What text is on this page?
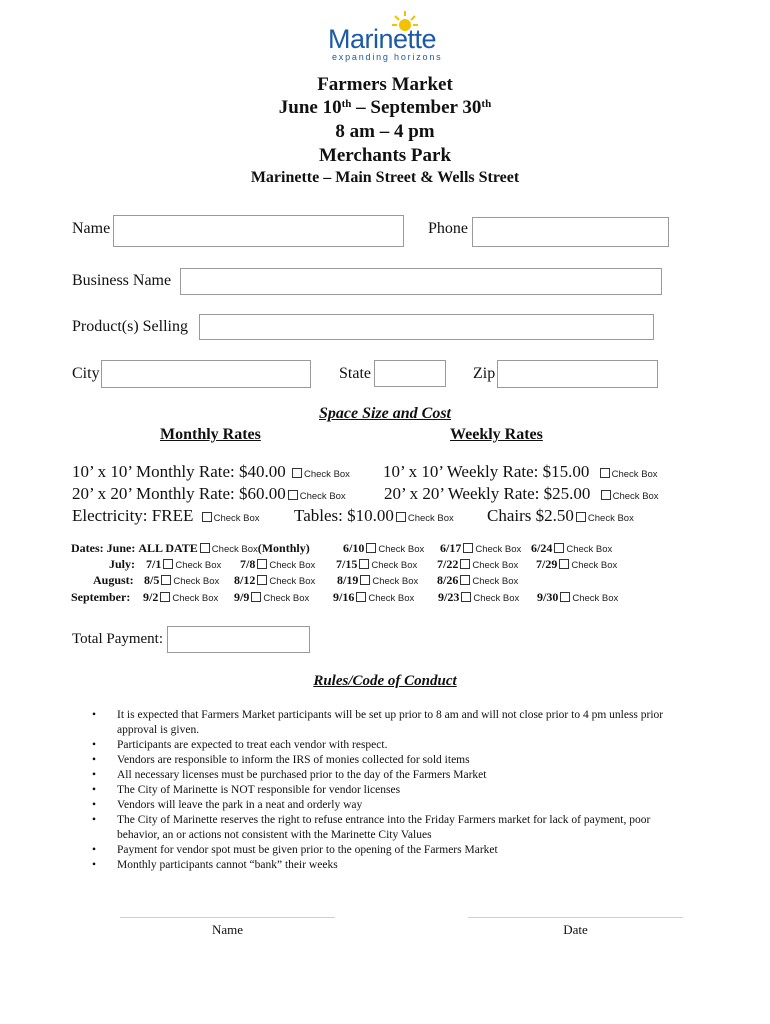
Marinette
expanding horizons
Farmers Market
June 10th – September 30th
8 am – 4 pm
Merchants Park
Marinette – Main Street & Wells Street
Name	Phone
Business Name
Product(s) Selling
City	State	Zip
Space Size and Cost
Monthly Rates	Weekly Rates
10’ x 10’ Monthly Rate: $40.00 Check Box 10’ x 10’ Weekly Rate: $15.00 Check Box
20’ x 20’ Monthly Rate: $60.00 Check Box 20’ x 20’ Weekly Rate: $25.00 Check Box
Electricity: FREE Check Box Tables: $10.00 Check Box Chairs $2.50 Check Box
Dates: June: ALL DATE Check Box(Monthly)	6/10 Check Box 6/17 Check Box 6/24 Check Box
July: 7/1 Check Box 7/8 Check Box 7/15 Check Box 7/22 Check Box 7/29 Check Box
August: 8/5 Check Box 8/12 Check Box 8/19 Check Box 8/26 Check Box
September: 9/2 Check Box 9/9 Check Box 9/16 Check Box 9/23 Check Box 9/30 Check Box
Total Payment:
Rules/Code of Conduct
• It is expected that Farmers Market participants will be set up prior to 8 am and will not close prior to 4 pm unless prior approval is given.
• Participants are expected to treat each vendor with respect.
• Vendors are responsible to inform the IRS of monies collected for sold items
• All necessary licenses must be purchased prior to the day of the Farmers Market
• The City of Marinette is NOT responsible for vendor licenses
• Vendors will leave the park in a neat and orderly way
• The City of Marinette reserves the right to refuse entrance into the Friday Farmers market for lack of payment, poor behavior, an or actions not consistent with the Marinette City Values
• Payment for vendor spot must be given prior to the opening of the Farmers Market
• Monthly participants cannot “bank” their weeks
Name	Date
